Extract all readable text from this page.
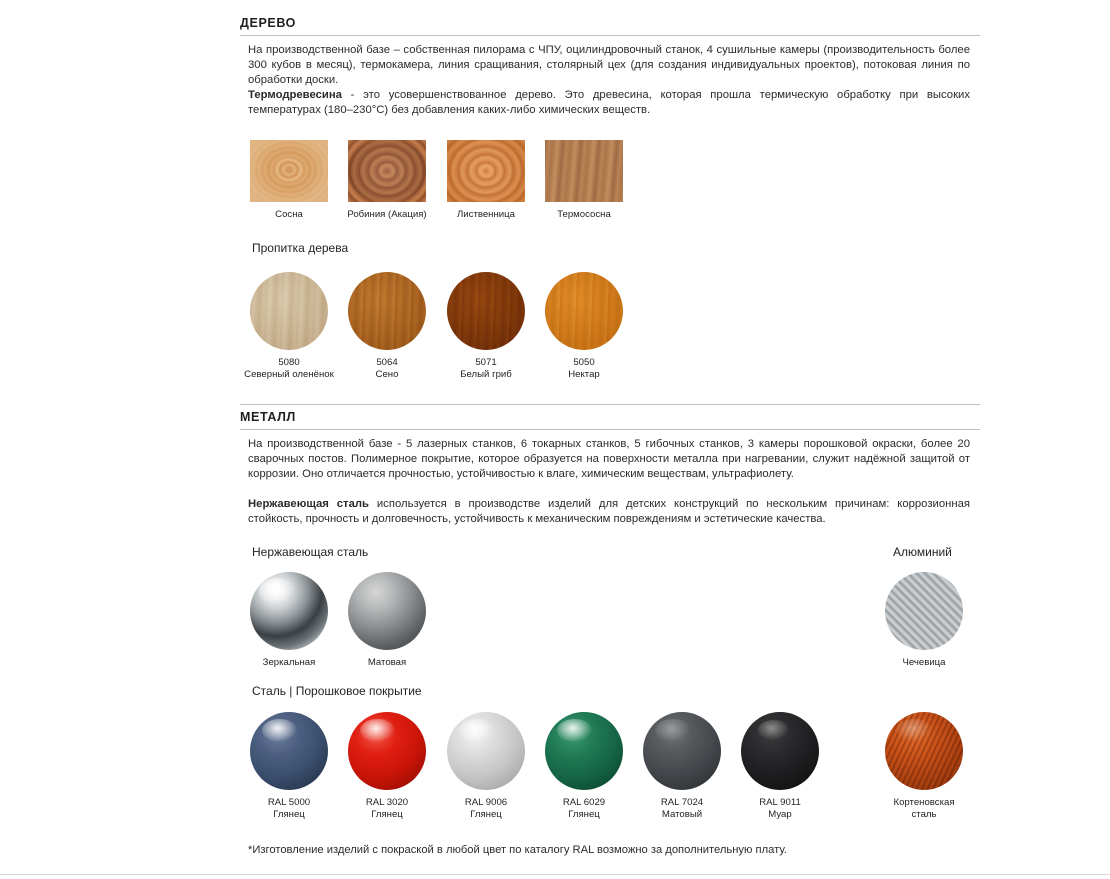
ДЕРЕВО
На производственной базе – собственная пилорама с ЧПУ, оцилиндровочный станок, 4 сушильные камеры (производительность более 300 кубов в месяц), термокамера, линия сращивания, столярный цех (для создания индивидуальных проектов), потоковая линия по обработки доски.
Термодревесина - это усовершенствованное дерево. Это древесина, которая прошла термическую обработку при высоких температурах (180–230°С) без добавления каких-либо химических веществ.
Сосна	Робиния (Акация)	Лиственница	Термососна
Пропитка дерева
5080
Северный оленёнок
5064
Сено
5071
Белый гриб
5050
Нектар
МЕТАЛЛ
На производственной базе - 5 лазерных станков, 6 токарных станков, 5 гибочных станков, 3 камеры порошковой окраски, более 20 сварочных постов. Полимерное покрытие, которое образуется на поверхности металла при нагревании, служит надёжной защитой от коррозии. Оно отличается прочностью, устойчивостью к влаге, химическим веществам, ультрафиолету.
Нержавеющая сталь используется в производстве изделий для детских конструкций по нескольким причинам: коррозионная стойкость, прочность и долговечность, устойчивость к механическим повреждениям и эстетические качества.
Нержавеющая сталь
Зеркальная	Матовая
Алюминий
Чечевица
Сталь | Порошковое покрытие
RAL 5000
Глянец
RAL 3020
Глянец
RAL 9006
Глянец
RAL 6029
Глянец
RAL 7024
Матовый
RAL 9011
Муар
Кортеновская
сталь
*Изготовление изделий с покраской в любой цвет по каталогу RAL возможно за дополнительную плату.
